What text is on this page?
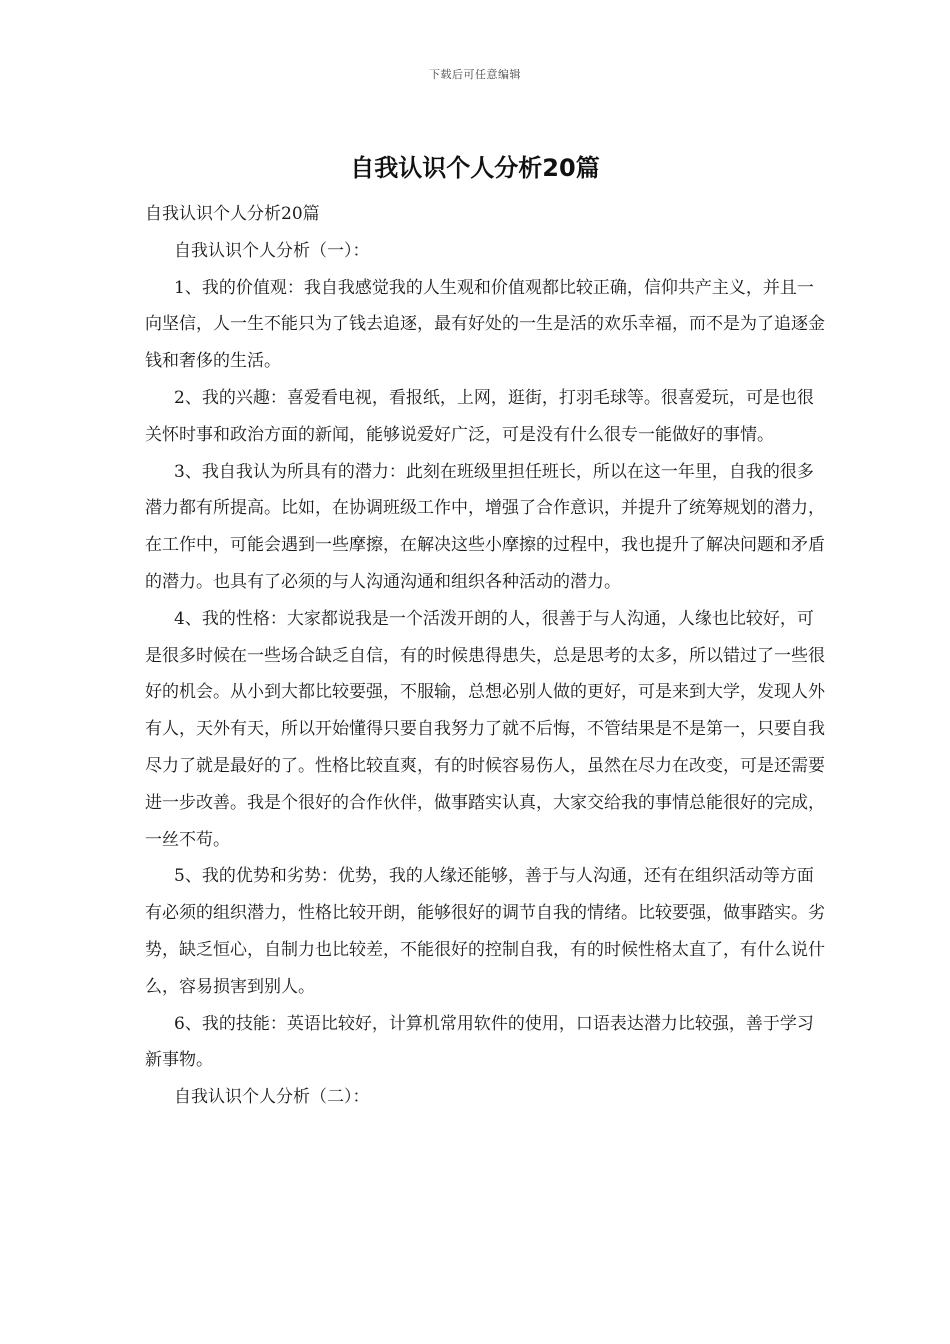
下载后可任意编辑
自我认识个人分析20篇

自我认识个人分析20篇

自我认识个人分析（一）：

1、我的价值观：我自我感觉我的人生观和价值观都比较正确，信仰共产主义，并且一向坚信，人一生不能只为了钱去追逐，最有好处的一生是活的欢乐幸福，而不是为了追逐金钱和奢侈的生活。

2、我的兴趣：喜爱看电视，看报纸，上网，逛街，打羽毛球等。很喜爱玩，可是也很关怀时事和政治方面的新闻，能够说爱好广泛，可是没有什么很专一能做好的事情。

3、我自我认为所具有的潜力：此刻在班级里担任班长，所以在这一年里，自我的很多潜力都有所提高。比如，在协调班级工作中，增强了合作意识，并提升了统筹规划的潜力，在工作中，可能会遇到一些摩擦，在解决这些小摩擦的过程中，我也提升了解决问题和矛盾的潜力。也具有了必须的与人沟通沟通和组织各种活动的潜力。

4、我的性格：大家都说我是一个活泼开朗的人，很善于与人沟通，人缘也比较好，可是很多时候在一些场合缺乏自信，有的时候患得患失，总是思考的太多，所以错过了一些很好的机会。从小到大都比较要强，不服输，总想必别人做的更好，可是来到大学，发现人外有人，天外有天，所以开始懂得只要自我努力了就不后悔，不管结果是不是第一，只要自我尽力了就是最好的了。性格比较直爽，有的时候容易伤人，虽然在尽力在改变，可是还需要进一步改善。我是个很好的合作伙伴，做事踏实认真，大家交给我的事情总能很好的完成，一丝不苟。

5、我的优势和劣势：优势，我的人缘还能够，善于与人沟通，还有在组织活动等方面有必须的组织潜力，性格比较开朗，能够很好的调节自我的情绪。比较要强，做事踏实。劣势，缺乏恒心，自制力也比较差，不能很好的控制自我，有的时候性格太直了，有什么说什么，容易损害到别人。

6、我的技能：英语比较好，计算机常用软件的使用，口语表达潜力比较强，善于学习新事物。

自我认识个人分析（二）：
